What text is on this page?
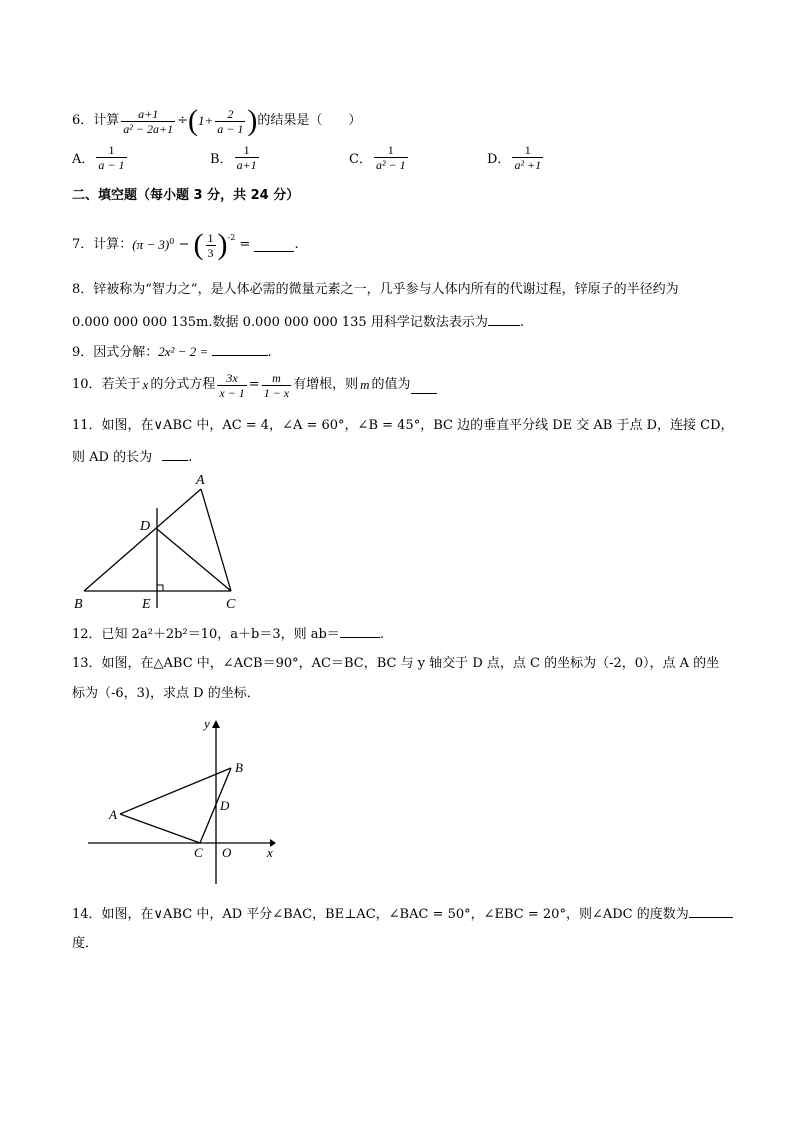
6．计算 $\frac{a+1}{\text{a² − 2a+1}}$ ÷ ( $1+ \frac{2}{a - 1}$ ) 的结果是（　　）
A． $\frac{1}{a - 1}$	B． $\frac{1}{a+1}$	C． $\frac{1}{\text{a² − 1}}$	D． $\frac{1}{\text{a² +1}}$
二、填空题（每小题 3 分，共 24 分）
7．计算： $(\pi - 3)^0$ − ( $\frac{1}{3} )^{-2}$ =	.
8．锌被称为“智力之”，是人体必需的微量元素之一，几乎参与人体内所有的代谢过程，锌原子的半径约为
0.000 000 000 135m.数据 0.000 000 000 135 用科学记数法表示为 .
9．因式分解：2x² − 2 =	.
10．若关于 x 的分式方程 $\frac{3x}{x - 1} = \frac{m}{1 - x}$ 有增根，则 m 的值为
11．如图，在∨ABC 中，AC = 4，∠A = 60°，∠B = 45°，BC 边的垂直平分线 DE 交 AB 于点 D，连接 CD，
则 AD 的长为	.
A
B	C
D
E
12．已知 2a²＋2b²＝10，a＋b＝3，则 ab＝	.
13．如图，在△ABC 中，∠ACB＝90°，AC＝BC，BC 与 y 轴交于 D 点，点 C 的坐标为（-2，0），点 A 的坐
标为（-6，3)，求点 D 的坐标．
y
x
A
B
C
D
O
14．如图，在∨ABC 中，AD 平分∠BAC，BE⊥AC，∠BAC = 50°，∠EBC = 20°，则∠ADC 的度数为
度．
